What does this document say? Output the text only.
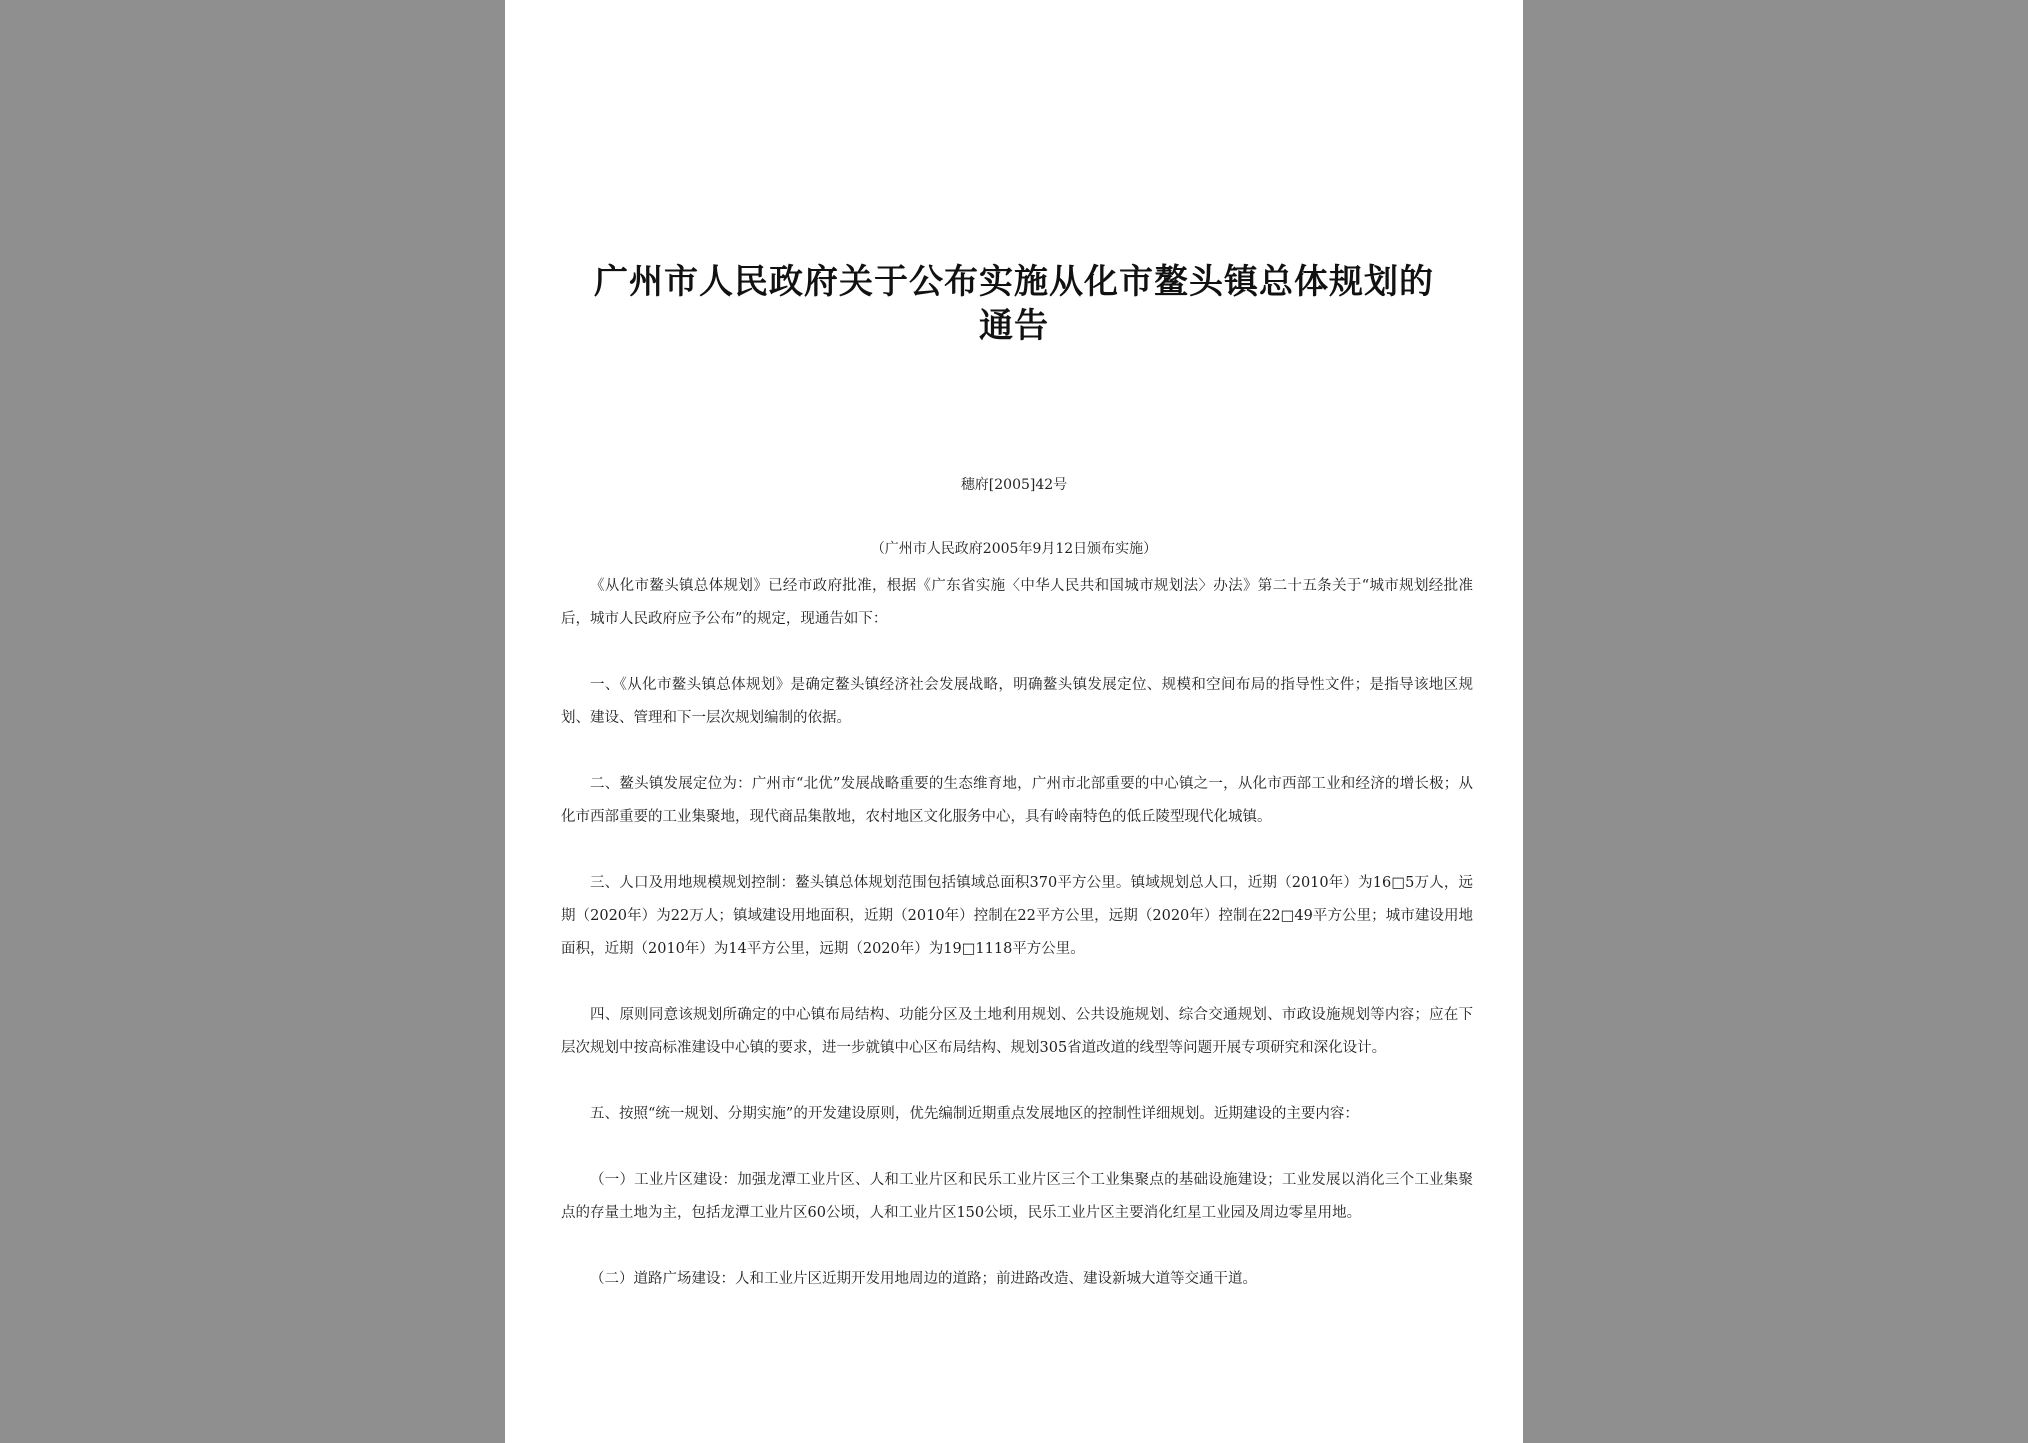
广州市人民政府关于公布实施从化市鳌头镇总体规划的
通告
穗府[2005]42号
（广州市人民政府2005年9月12日颁布实施）

《从化市鳌头镇总体规划》已经市政府批准，根据《广东省实施〈中华人民共和国城市规划法〉办法》第二十五条关于“城市规划经批准后，城市人民政府应予公布”的规定，现通告如下：

一、《从化市鳌头镇总体规划》是确定鳌头镇经济社会发展战略，明确鳌头镇发展定位、规模和空间布局的指导性文件；是指导该地区规划、建设、管理和下一层次规划编制的依据。

二、鳌头镇发展定位为：广州市“北优”发展战略重要的生态维育地，广州市北部重要的中心镇之一，从化市西部工业和经济的增长极；从化市西部重要的工业集聚地，现代商品集散地，农村地区文化服务中心，具有岭南特色的低丘陵型现代化城镇。

三、人口及用地规模规划控制：鳌头镇总体规划范围包括镇域总面积370平方公里。镇域规划总人口，近期（2010年）为16□5万人，远期（2020年）为22万人；镇域建设用地面积，近期（2010年）控制在22平方公里，远期（2020年）控制在22□49平方公里；城市建设用地面积，近期（2010年）为14平方公里，远期（2020年）为19□1118平方公里。

四、原则同意该规划所确定的中心镇布局结构、功能分区及土地利用规划、公共设施规划、综合交通规划、市政设施规划等内容；应在下层次规划中按高标准建设中心镇的要求，进一步就镇中心区布局结构、规划305省道改道的线型等问题开展专项研究和深化设计。

五、按照“统一规划、分期实施”的开发建设原则，优先编制近期重点发展地区的控制性详细规划。近期建设的主要内容：

（一）工业片区建设：加强龙潭工业片区、人和工业片区和民乐工业片区三个工业集聚点的基础设施建设；工业发展以消化三个工业集聚点的存量土地为主，包括龙潭工业片区60公顷，人和工业片区150公顷，民乐工业片区主要消化红星工业园及周边零星用地。

（二）道路广场建设：人和工业片区近期开发用地周边的道路；前进路改造、建设新城大道等交通干道。
